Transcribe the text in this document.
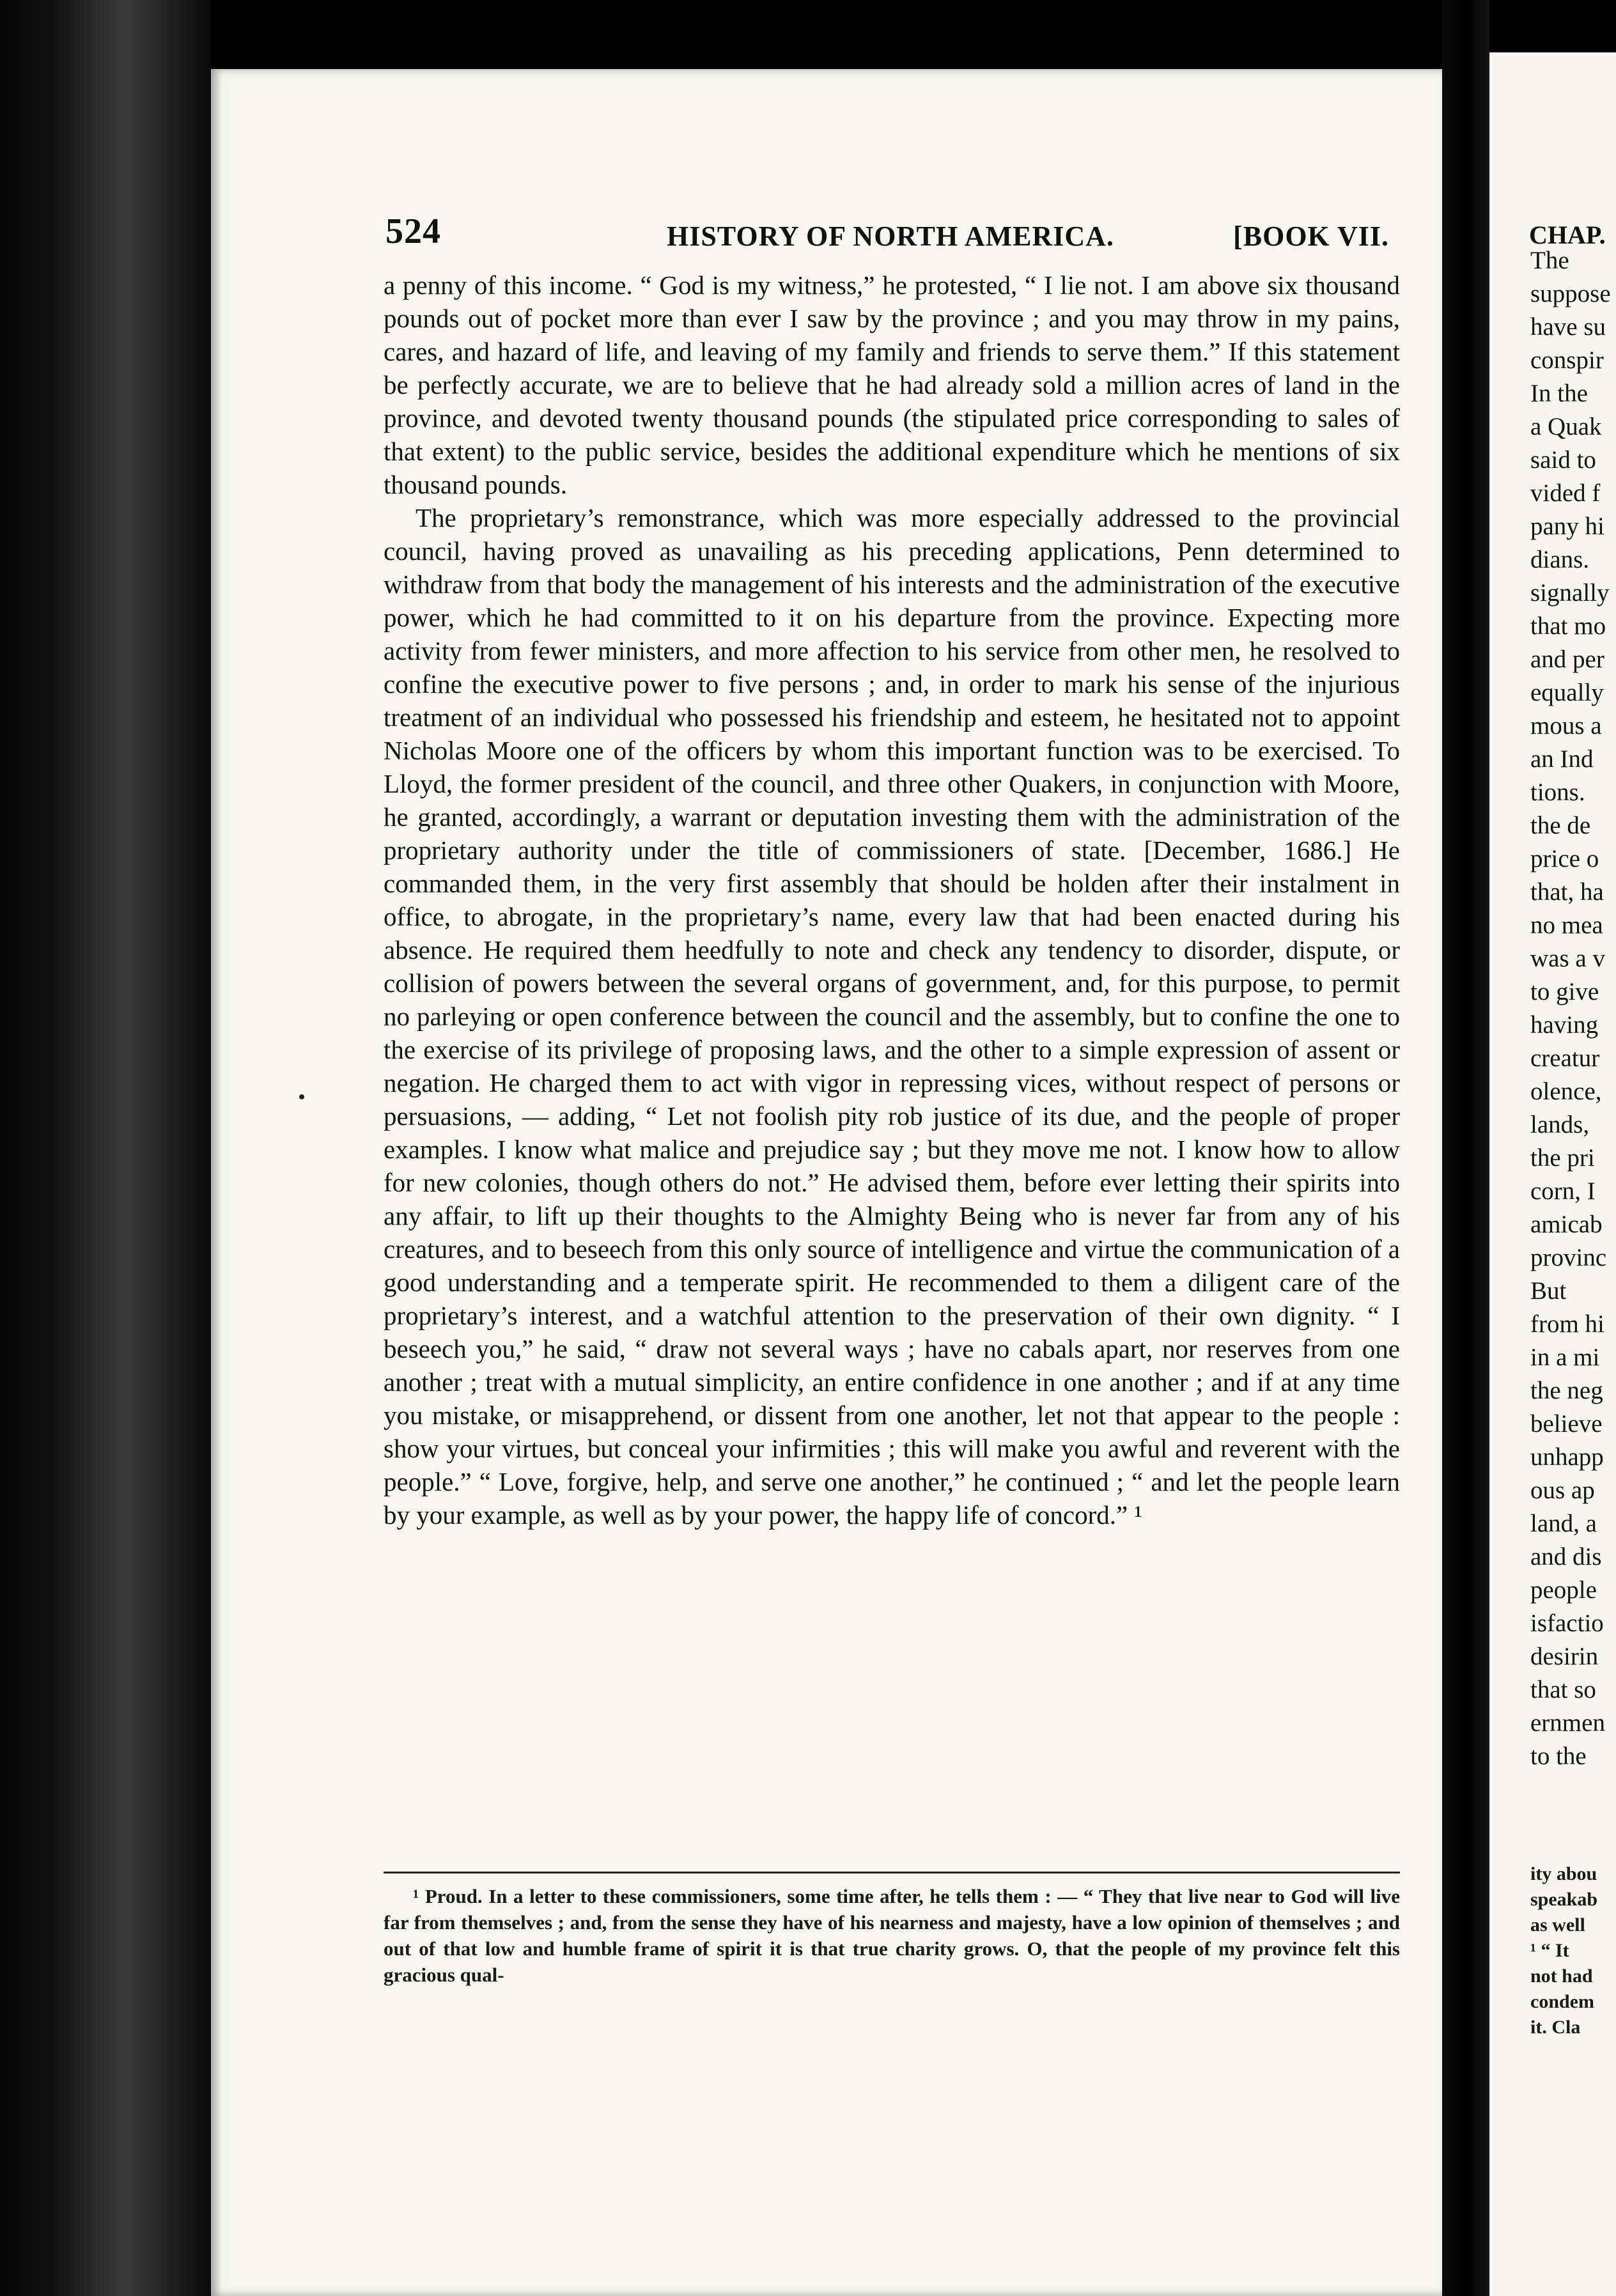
524	HISTORY OF NORTH AMERICA.	[BOOK VII.

a penny of this income. “ God is my witness,” he protested, “ I lie not. I am above six thousand pounds out of pocket more than ever I saw by the province ; and you may throw in my pains, cares, and hazard of life, and leaving of my family and friends to serve them.” If this statement be perfectly accurate, we are to believe that he had already sold a million acres of land in the province, and devoted twenty thousand pounds (the stipulated price corresponding to sales of that extent) to the public service, besides the additional expenditure which he mentions of six thousand pounds.

The proprietary’s remonstrance, which was more especially addressed to the provincial council, having proved as unavailing as his preceding applications, Penn determined to withdraw from that body the management of his interests and the administration of the executive power, which he had committed to it on his departure from the province. Expecting more activity from fewer ministers, and more affection to his service from other men, he resolved to confine the executive power to five persons ; and, in order to mark his sense of the injurious treatment of an individual who possessed his friendship and esteem, he hesitated not to appoint Nicholas Moore one of the officers by whom this important function was to be exercised. To Lloyd, the former president of the council, and three other Quakers, in conjunction with Moore, he granted, accordingly, a warrant or deputation investing them with the administration of the proprietary authority under the title of commissioners of state. [December, 1686.] He commanded them, in the very first assembly that should be holden after their instalment in office, to abrogate, in the proprietary’s name, every law that had been enacted during his absence. He required them heedfully to note and check any tendency to disorder, dispute, or collision of powers between the several organs of government, and, for this purpose, to permit no parleying or open conference between the council and the assembly, but to confine the one to the exercise of its privilege of proposing laws, and the other to a simple expression of assent or negation. He charged them to act with vigor in repressing vices, without respect of persons or persuasions, — adding, “ Let not foolish pity rob justice of its due, and the people of proper examples. I know what malice and prejudice say ; but they move me not. I know how to allow for new colonies, though others do not.” He advised them, before ever letting their spirits into any affair, to lift up their thoughts to the Almighty Being who is never far from any of his creatures, and to beseech from this only source of intelligence and virtue the communication of a good understanding and a temperate spirit. He recommended to them a diligent care of the proprietary’s interest, and a watchful attention to the preservation of their own dignity. “ I beseech you,” he said, “ draw not several ways ; have no cabals apart, nor reserves from one another ; treat with a mutual simplicity, an entire confidence in one another ; and if at any time you mistake, or misapprehend, or dissent from one another, let not that appear to the people : show your virtues, but conceal your infirmities ; this will make you awful and reverent with the people.” “ Love, forgive, help, and serve one another,” he continued ; “ and let the people learn by your example, as well as by your power, the happy life of concord.” ¹

¹ Proud. In a letter to these commissioners, some time after, he tells them : — “ They that live near to God will live far from themselves ; and, from the sense they have of his nearness and majesty, have a low opinion of themselves ; and out of that low and humble frame of spirit it is that true charity grows. O, that the people of my province felt this gracious qual-

CHAP.
The
suppose
have su
conspir
In the
a Quak
said to
vided f
pany hi
dians.
signally
that mo
and per
equally
mous a
an Ind
tions.
the de
price o
that, ha
no mea
was a v
to give
having
creatur
olence,
lands,
the pri
corn, I
amicab
provinc
But
from hi
in a mi
the neg
believe
unhapp
ous ap
land, a
and dis
people
isfactio
desirin
that so
ernmen
to the
ity abou
speakab
as well
¹ “ It
not had
condem
it. Cla
